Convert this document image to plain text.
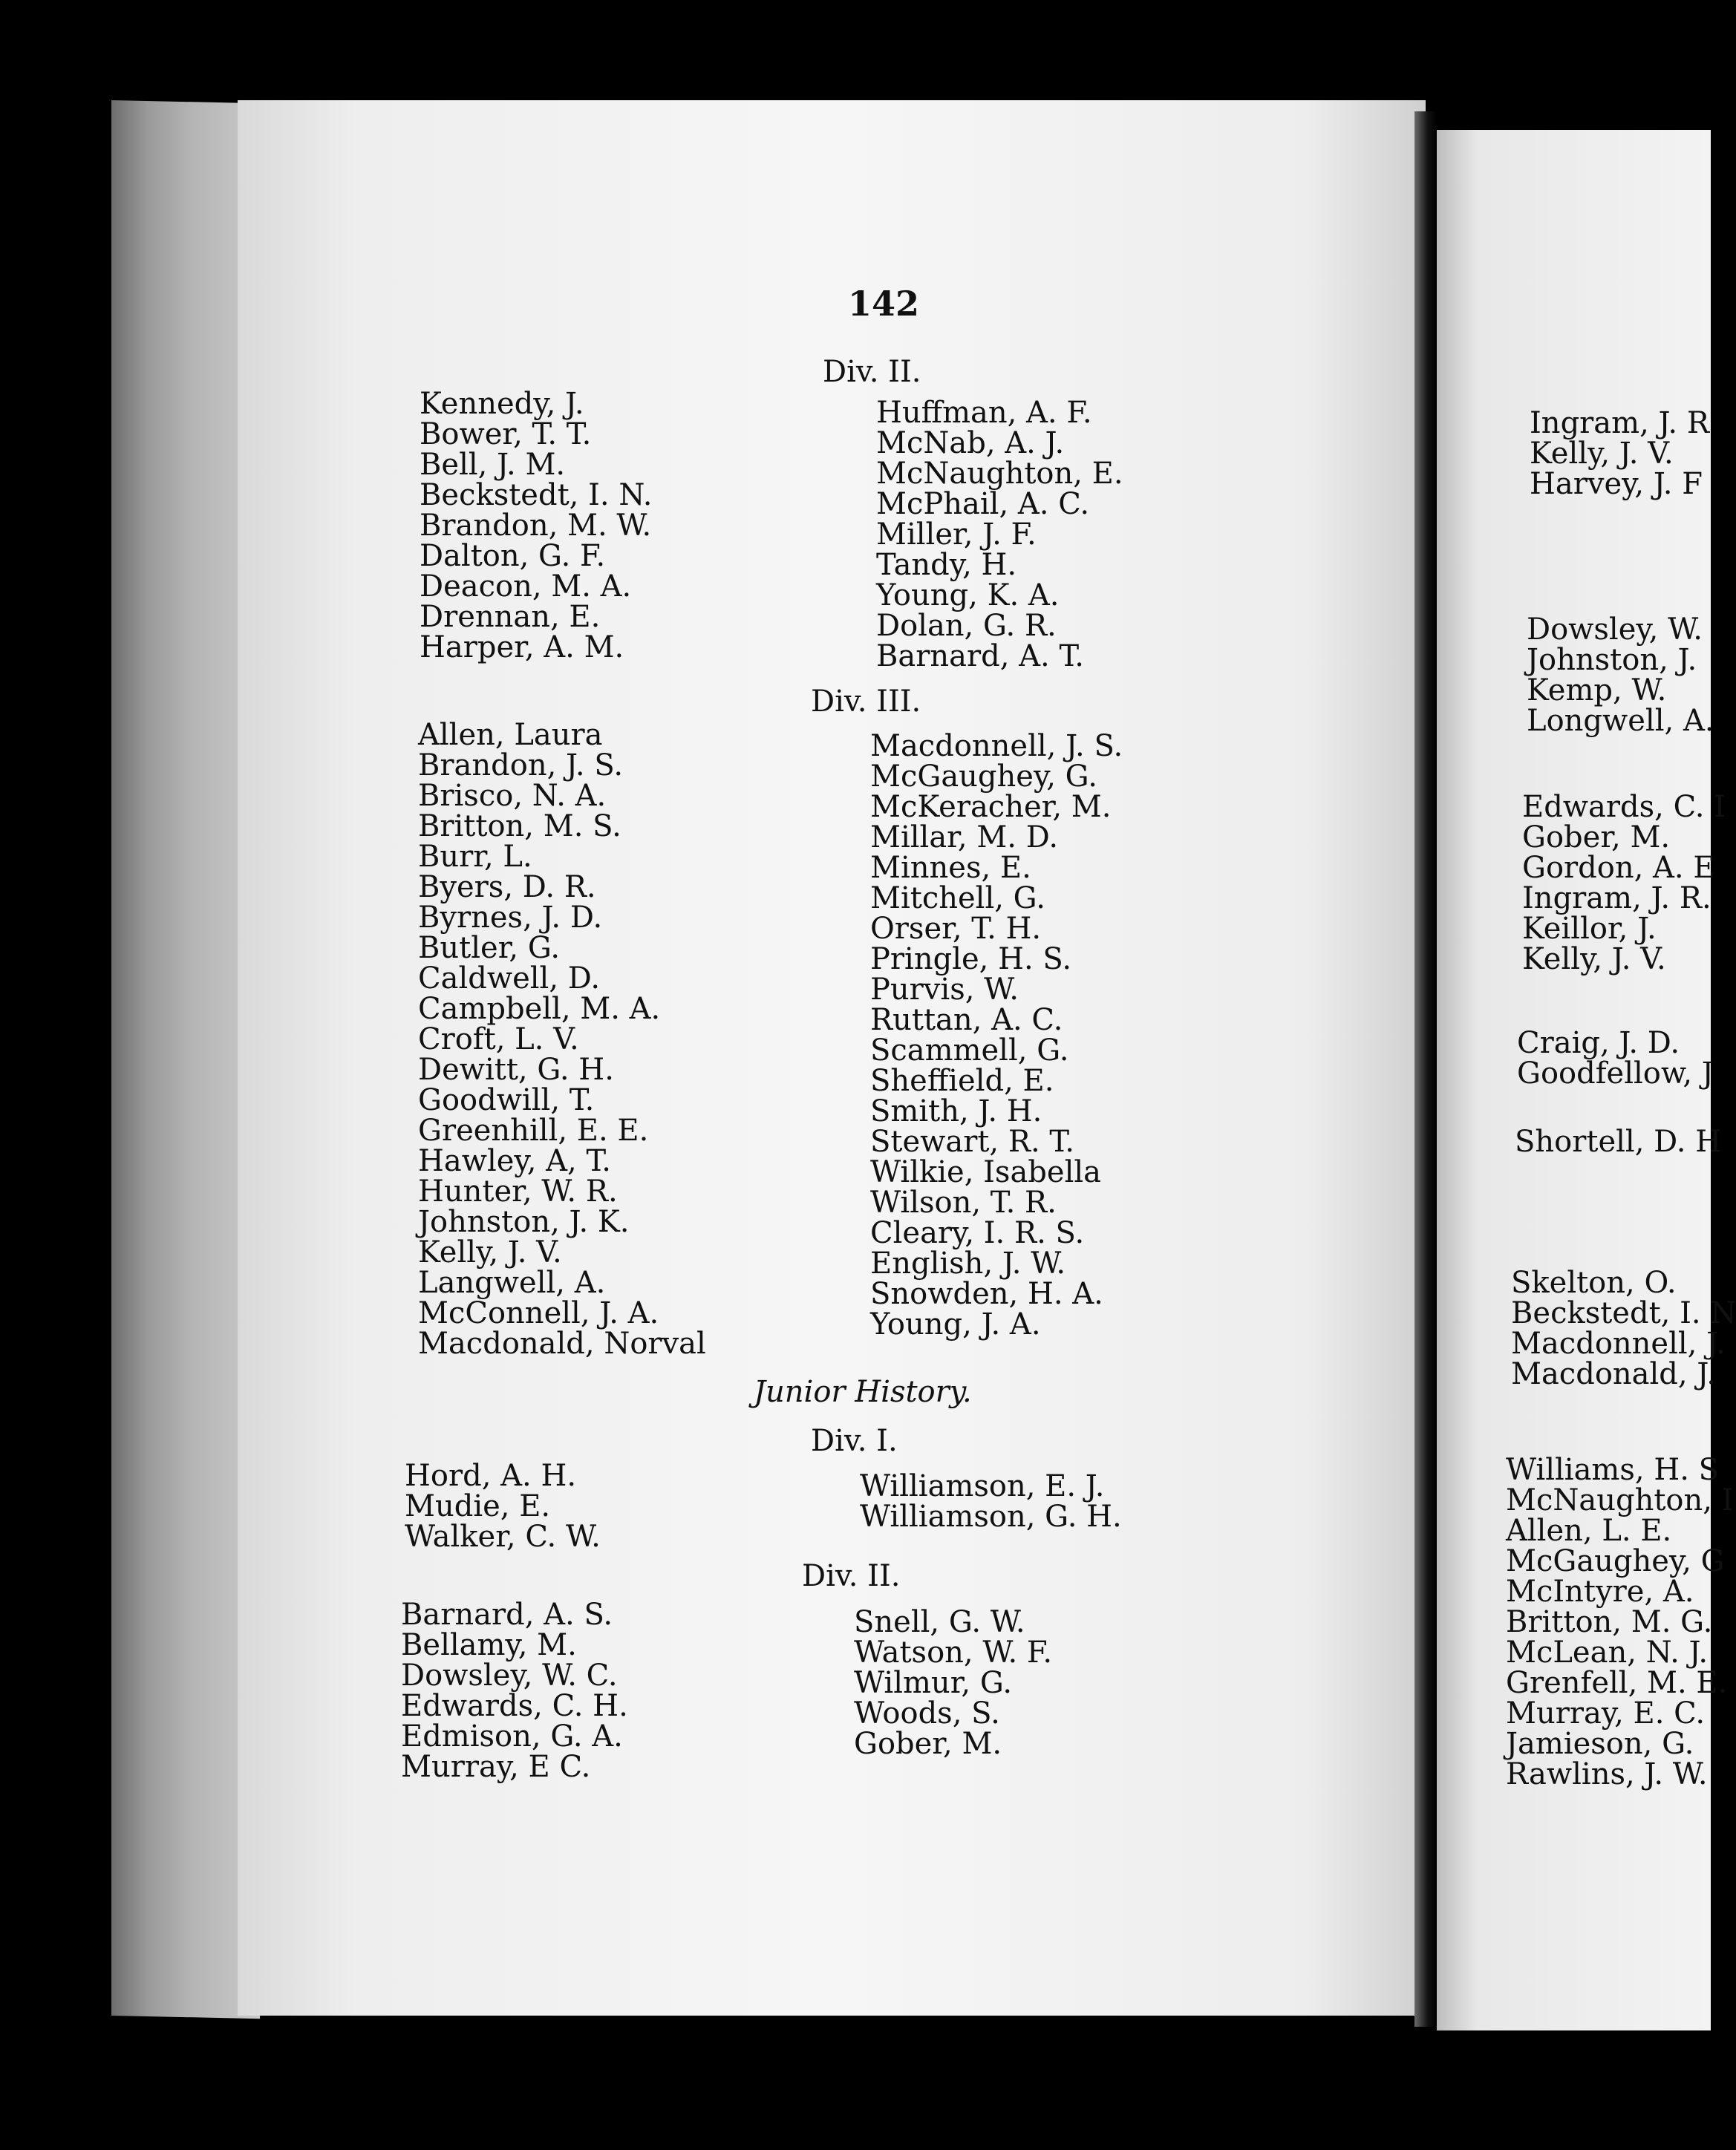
142
Kennedy, J.
Bower, T. T.
Bell, J. M.
Beckstedt, I. N.
Brandon, M. W.
Dalton, G. F.
Deacon, M. A.
Drennan, E.
Harper, A. M.
Allen, Laura
Brandon, J. S.
Brisco, N. A.
Britton, M. S.
Burr, L.
Byers, D. R.
Byrnes, J. D.
Butler, G.
Caldwell, D.
Campbell, M. A.
Croft, L. V.
Dewitt, G. H.
Goodwill, T.
Greenhill, E. E.
Hawley, A, T.
Hunter, W. R.
Johnston, J. K.
Kelly, J. V.
Langwell, A.
McConnell, J. A.
Macdonald, Norval
Hord, A. H.
Mudie, E.
Walker, C. W.
Barnard, A. S.
Bellamy, M.
Dowsley, W. C.
Edwards, C. H.
Edmison, G. A.
Murray, E C.
Div. II.
Huffman, A. F.
McNab, A. J.
McNaughton, E.
McPhail, A. C.
Miller, J. F.
Tandy, H.
Young, K. A.
Dolan, G. R.
Barnard, A. T.
Div. III.
Macdonnell, J. S.
McGaughey, G.
McKeracher, M.
Millar, M. D.
Minnes, E.
Mitchell, G.
Orser, T. H.
Pringle, H. S.
Purvis, W.
Ruttan, A. C.
Scammell, G.
Sheffield, E.
Smith, J. H.
Stewart, R. T.
Wilkie, Isabella
Wilson, T. R.
Cleary, I. R. S.
English, J. W.
Snowden, H. A.
Young, J. A.
Junior History.
Div. I.
Williamson, E. J.
Williamson, G. H.
Div. II.
Snell, G. W.
Watson, W. F.
Wilmur, G.
Woods, S.
Gober, M.
Ingram, J. R
Kelly, J. V.
Harvey, J. F
Dowsley, W.
Johnston, J.
Kemp, W.
Longwell, A.
Edwards, C. I
Gober, M.
Gordon, A. E
Ingram, J. R.
Keillor, J.
Kelly, J. V.
Craig, J. D.
Goodfellow, J
Shortell, D. H
Skelton, O.
Beckstedt, I. N
Macdonnell, J.
Macdonald, J.
Williams, H. S
McNaughton, I
Allen, L. E.
McGaughey, G
McIntyre, A.
Britton, M. G.
McLean, N. J.
Grenfell, M. E.
Murray, E. C.
Jamieson, G.
Rawlins, J. W.
